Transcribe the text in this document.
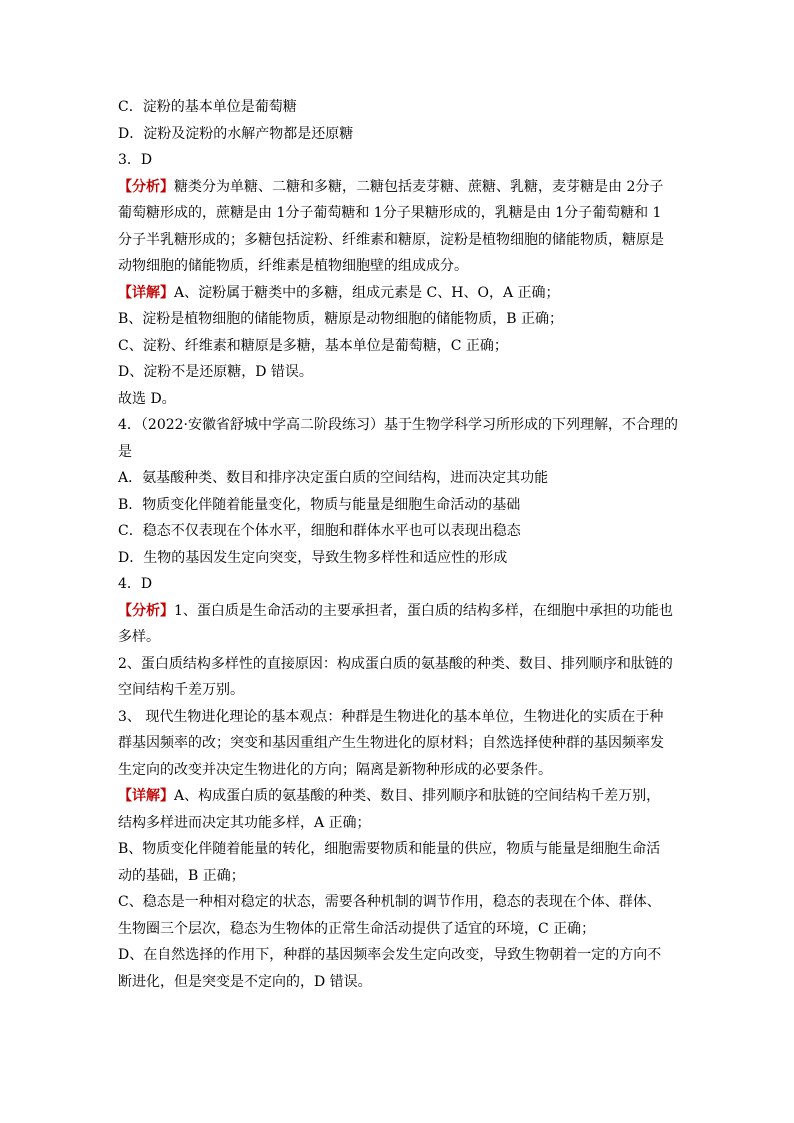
C．淀粉的基本单位是葡萄糖
D．淀粉及淀粉的水解产物都是还原糖
3．D
【分析】糖类分为单糖、二糖和多糖，二糖包括麦芽糖、蔗糖、乳糖，麦芽糖是由 2分子
葡萄糖形成的，蔗糖是由 1分子葡萄糖和 1分子果糖形成的，乳糖是由 1分子葡萄糖和 1
分子半乳糖形成的；多糖包括淀粉、纤维素和糖原，淀粉是植物细胞的储能物质，糖原是
动物细胞的储能物质，纤维素是植物细胞壁的组成成分。
【详解】A、淀粉属于糖类中的多糖，组成元素是 C、H、O，A 正确；
B、淀粉是植物细胞的储能物质，糖原是动物细胞的储能物质，B 正确；
C、淀粉、纤维素和糖原是多糖，基本单位是葡萄糖，C 正确；
D、淀粉不是还原糖，D 错误。
故选 D。
4．（2022·安徽省舒城中学高二阶段练习）基于生物学科学习所形成的下列理解，不合理的
是
A．氨基酸种类、数目和排序决定蛋白质的空间结构，进而决定其功能
B．物质变化伴随着能量变化，物质与能量是细胞生命活动的基础
C．稳态不仅表现在个体水平，细胞和群体水平也可以表现出稳态
D．生物的基因发生定向突变，导致生物多样性和适应性的形成
4．D
【分析】1、蛋白质是生命活动的主要承担者，蛋白质的结构多样，在细胞中承担的功能也
多样。
2、蛋白质结构多样性的直接原因：构成蛋白质的氨基酸的种类、数目、排列顺序和肽链的
空间结构千差万别。
3、 现代生物进化理论的基本观点：种群是生物进化的基本单位，生物进化的实质在于种
群基因频率的改；突变和基因重组产生生物进化的原材料；自然选择使种群的基因频率发
生定向的改变并决定生物进化的方向；隔离是新物种形成的必要条件。
【详解】A、构成蛋白质的氨基酸的种类、数目、排列顺序和肽链的空间结构千差万别，
结构多样进而决定其功能多样，A 正确；
B、物质变化伴随着能量的转化，细胞需要物质和能量的供应，物质与能量是细胞生命活
动的基础，B 正确；
C、稳态是一种相对稳定的状态，需要各种机制的调节作用，稳态的表现在个体、群体、
生物圈三个层次，稳态为生物体的正常生命活动提供了适宜的环境，C 正确；
D、在自然选择的作用下，种群的基因频率会发生定向改变，导致生物朝着一定的方向不
断进化，但是突变是不定向的，D 错误。
